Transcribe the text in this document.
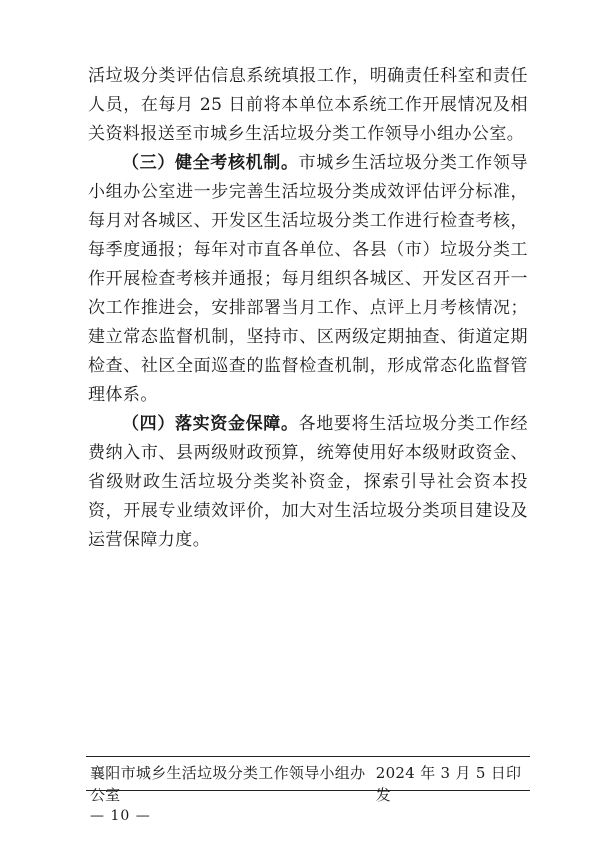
活垃圾分类评估信息系统填报工作，明确责任科室和责任人员，在每月 25 日前将本单位本系统工作开展情况及相关资料报送至市城乡生活垃圾分类工作领导小组办公室。

（三）健全考核机制。市城乡生活垃圾分类工作领导小组办公室进一步完善生活垃圾分类成效评估评分标准，每月对各城区、开发区生活垃圾分类工作进行检查考核，每季度通报；每年对市直各单位、各县（市）垃圾分类工作开展检查考核并通报；每月组织各城区、开发区召开一次工作推进会，安排部署当月工作、点评上月考核情况；建立常态监督机制，坚持市、区两级定期抽查、街道定期检查、社区全面巡查的监督检查机制，形成常态化监督管理体系。

（四）落实资金保障。各地要将生活垃圾分类工作经费纳入市、县两级财政预算，统筹使用好本级财政资金、省级财政生活垃圾分类奖补资金，探索引导社会资本投资，开展专业绩效评价，加大对生活垃圾分类项目建设及运营保障力度。

襄阳市城乡生活垃圾分类工作领导小组办公室
2024 年 3 月 5 日印发
— 10 —
